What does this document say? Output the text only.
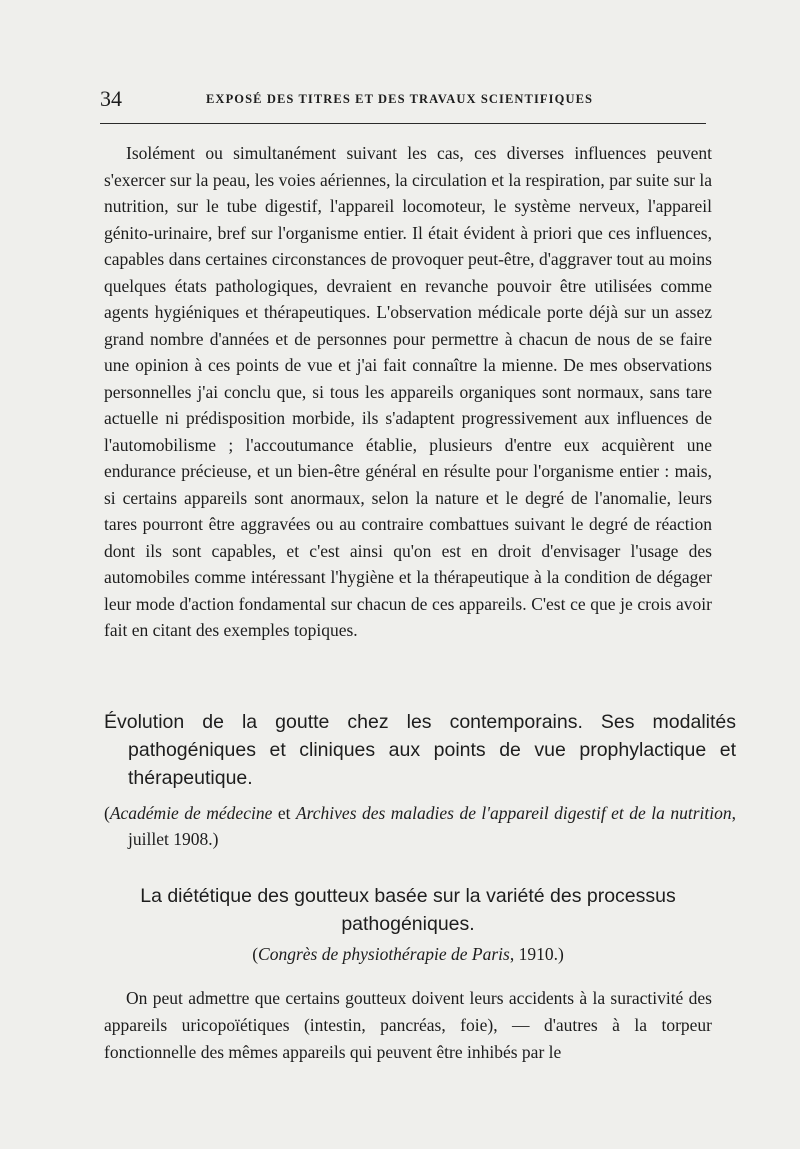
34	EXPOSÉ DES TITRES ET DES TRAVAUX SCIENTIFIQUES

Isolément ou simultanément suivant les cas, ces diverses influences peuvent s'exercer sur la peau, les voies aériennes, la circulation et la respiration, par suite sur la nutrition, sur le tube digestif, l'appareil locomoteur, le système nerveux, l'appareil génito-urinaire, bref sur l'organisme entier. Il était évident à priori que ces influences, capables dans certaines circonstances de provoquer peut-être, d'aggraver tout au moins quelques états pathologiques, devraient en revanche pouvoir être utilisées comme agents hygiéniques et thérapeutiques. L'observation médicale porte déjà sur un assez grand nombre d'années et de personnes pour permettre à chacun de nous de se faire une opinion à ces points de vue et j'ai fait connaître la mienne. De mes observations personnelles j'ai conclu que, si tous les appareils organiques sont normaux, sans tare actuelle ni prédisposition morbide, ils s'adaptent progressivement aux influences de l'automobilisme ; l'accoutumance établie, plusieurs d'entre eux acquièrent une endurance précieuse, et un bien-être général en résulte pour l'organisme entier : mais, si certains appareils sont anormaux, selon la nature et le degré de l'anomalie, leurs tares pourront être aggravées ou au contraire combattues suivant le degré de réaction dont ils sont capables, et c'est ainsi qu'on est en droit d'envisager l'usage des automobiles comme intéressant l'hygiène et la thérapeutique à la condition de dégager leur mode d'action fondamental sur chacun de ces appareils. C'est ce que je crois avoir fait en citant des exemples topiques.

Évolution de la goutte chez les contemporains. Ses modalités pathogéniques et cliniques aux points de vue prophylactique et thérapeutique.

(Académie de médecine et Archives des maladies de l'appareil digestif et de la nutrition, juillet 1908.)

La diététique des goutteux basée sur la variété des processus pathogéniques.

(Congrès de physiothérapie de Paris, 1910.)

On peut admettre que certains goutteux doivent leurs accidents à la suractivité des appareils uricopoïétiques (intestin, pancréas, foie), — d'autres à la torpeur fonctionnelle des mêmes appareils qui peuvent être inhibés par le
